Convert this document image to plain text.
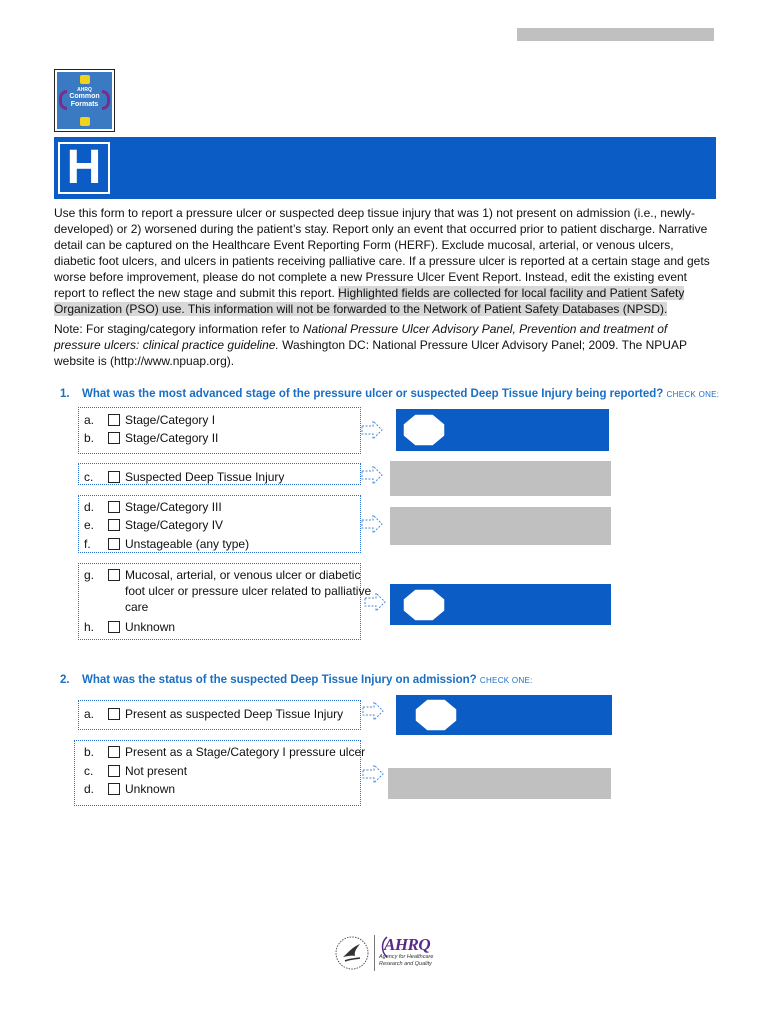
AHRQ
Common
Formats
H

Use this form to report a pressure ulcer or suspected deep tissue injury that was 1) not present on admission (i.e., newly-developed) or 2) worsened during the patient’s stay. Report only an event that occurred prior to patient discharge. Narrative detail can be captured on the Healthcare Event Reporting Form (HERF). Exclude mucosal, arterial, or venous ulcers, diabetic foot ulcers, and ulcers in patients receiving palliative care. If a pressure ulcer is reported at a certain stage and gets worse before improvement, please do not complete a new Pressure Ulcer Event Report. Instead, edit the existing event report to reflect the new stage and submit this report. Highlighted fields are collected for local facility and Patient Safety Organization (PSO) use. This information will not be forwarded to the Network of Patient Safety Databases (NPSD).

Note: For staging/category information refer to National Pressure Ulcer Advisory Panel, Prevention and treatment of pressure ulcers: clinical practice guideline. Washington DC: National Pressure Ulcer Advisory Panel; 2009. The NPUAP website is (http://www.npuap.org).

1. What was the most advanced stage of the pressure ulcer or suspected Deep Tissue Injury being reported? CHECK ONE:
a.	Stage/Category I
b.	Stage/Category II
c.	Suspected Deep Tissue Injury
d.	Stage/Category III
e.	Stage/Category IV
f.	Unstageable (any type)
g.	Mucosal, arterial, or venous ulcer or diabetic foot ulcer or pressure ulcer related to palliative care
h.	Unknown
2. What was the status of the suspected Deep Tissue Injury on admission? CHECK ONE:
a.	Present as suspected Deep Tissue Injury
b.	Present as a Stage/Category I pressure ulcer
c.	Not present
d.	Unknown
AHRQ
Agency for Healthcare
Research and Quality
